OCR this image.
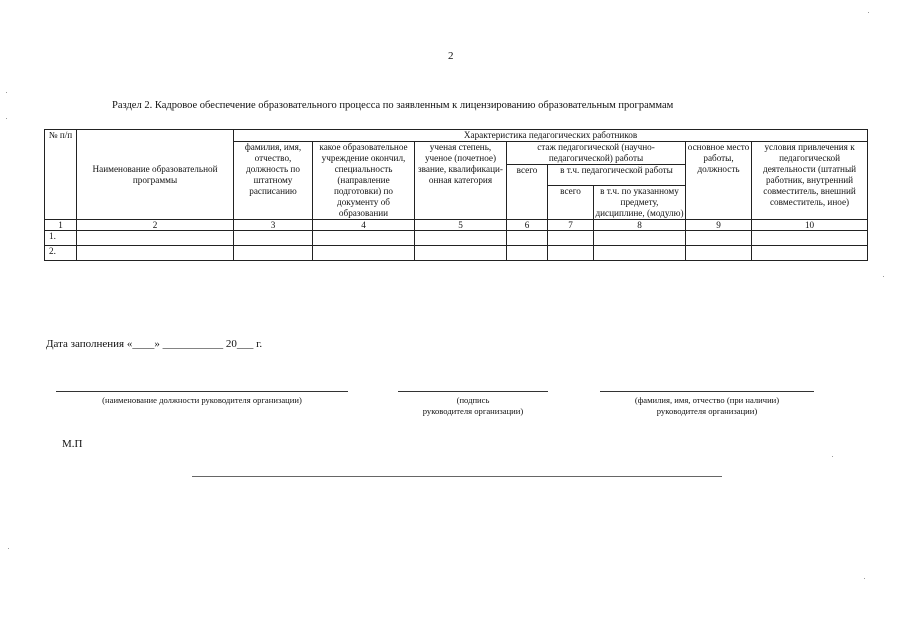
2
Раздел 2. Кадровое обеспечение образовательного процесса по заявленным к лицензированию образовательным программам
№ п/п	Наименование образовательной программы	Характеристика педагогических работников							
		фамилия, имя, отчество, должность по штатному расписанию	какое образовательное учреждение окончил, специальность (направление подготовки) по документу об образовании	ученая степень, ученое (почетное) звание, квалификаци-онная категория	стаж педагогической (научно-педагогической) работы			основное место работы, должность	условия привлечения к педагогической деятельности (штатный работник, внутренний совместитель, внешний совместитель, иное)
					всего	в т.ч. педагогической работы			
						всего	в т.ч. по указанному предмету, дисциплине, (модулю)		
1	2	3	4	5	6	7	8	9	10
1.									
2.									
Дата заполнения «____» ___________ 20___ г.
(наименование должности руководителя организации)	(подпись
руководителя организации)
(фамилия, имя, отчество (при наличии)
руководителя организации)
М.П
